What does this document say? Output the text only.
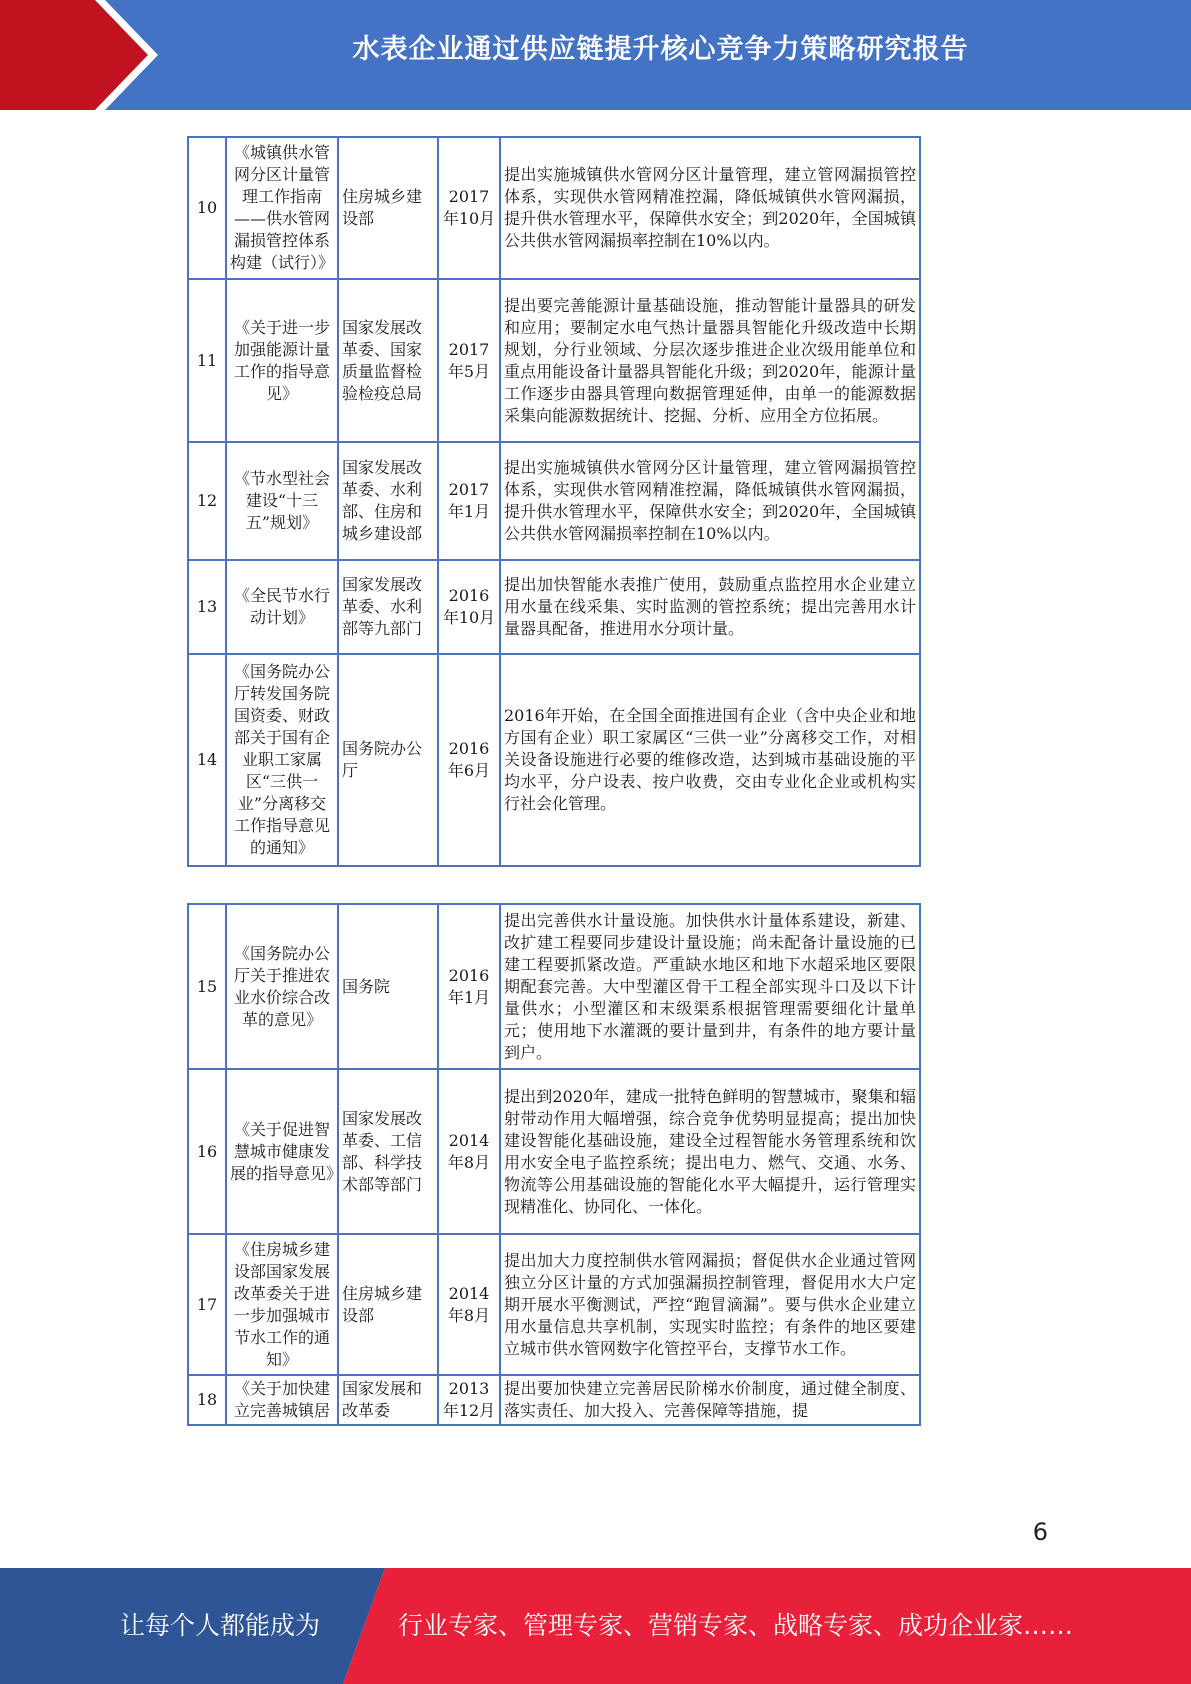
水表企业通过供应链提升核心竞争力策略研究报告
10	《城镇供水管网分区计量管理工作指南——供水管网漏损管控体系构建（试行）》	住房城乡建设部	2017年10月	提出实施城镇供水管网分区计量管理，建立管网漏损管控体系，实现供水管网精准控漏，降低城镇供水管网漏损，提升供水管理水平，保障供水安全；到2020年，全国城镇公共供水管网漏损率控制在10%以内。
11	《关于进一步加强能源计量工作的指导意见》	国家发展改革委、国家质量监督检验检疫总局	2017年5月	提出要完善能源计量基础设施，推动智能计量器具的研发和应用；要制定水电气热计量器具智能化升级改造中长期规划，分行业领域、分层次逐步推进企业次级用能单位和重点用能设备计量器具智能化升级；到2020年，能源计量工作逐步由器具管理向数据管理延伸，由单一的能源数据采集向能源数据统计、挖掘、分析、应用全方位拓展。
12	《节水型社会建设“十三五”规划》	国家发展改革委、水利部、住房和城乡建设部	2017年1月	提出实施城镇供水管网分区计量管理，建立管网漏损管控体系，实现供水管网精准控漏，降低城镇供水管网漏损，提升供水管理水平，保障供水安全；到2020年，全国城镇公共供水管网漏损率控制在10%以内。
13	《全民节水行动计划》	国家发展改革委、水利部等九部门	2016年10月	提出加快智能水表推广使用，鼓励重点监控用水企业建立用水量在线采集、实时监测的管控系统；提出完善用水计量器具配备，推进用水分项计量。
14	《国务院办公厅转发国务院国资委、财政部关于国有企业职工家属区“三供一业”分离移交工作指导意见的通知》	国务院办公厅	2016年6月	2016年开始，在全国全面推进国有企业（含中央企业和地方国有企业）职工家属区“三供一业”分离移交工作，对相关设备设施进行必要的维修改造，达到城市基础设施的平均水平，分户设表、按户收费，交由专业化企业或机构实行社会化管理。
15	《国务院办公厅关于推进农业水价综合改革的意见》	国务院	2016年1月	提出完善供水计量设施。加快供水计量体系建设，新建、改扩建工程要同步建设计量设施；尚未配备计量设施的已建工程要抓紧改造。严重缺水地区和地下水超采地区要限期配套完善。大中型灌区骨干工程全部实现斗口及以下计量供水；小型灌区和末级渠系根据管理需要细化计量单元；使用地下水灌溉的要计量到井，有条件的地方要计量到户。
16	《关于促进智慧城市健康发展的指导意见》	国家发展改革委、工信部、科学技术部等部门	2014年8月	提出到2020年，建成一批特色鲜明的智慧城市，聚集和辐射带动作用大幅增强，综合竞争优势明显提高；提出加快建设智能化基础设施，建设全过程智能水务管理系统和饮用水安全电子监控系统；提出电力、燃气、交通、水务、物流等公用基础设施的智能化水平大幅提升，运行管理实现精准化、协同化、一体化。
17	《住房城乡建设部国家发展改革委关于进一步加强城市节水工作的通知》	住房城乡建设部	2014年8月	提出加大力度控制供水管网漏损；督促供水企业通过管网独立分区计量的方式加强漏损控制管理，督促用水大户定期开展水平衡测试，严控“跑冒滴漏”。要与供水企业建立用水量信息共享机制，实现实时监控；有条件的地区要建立城市供水管网数字化管控平台，支撑节水工作。
18	《关于加快建立完善城镇居	国家发展和改革委	2013年12月	提出要加快建立完善居民阶梯水价制度，通过健全制度、落实责任、加大投入、完善保障等措施，提
6
让每个人都能成为	行业专家、管理专家、营销专家、战略专家、成功企业家……
